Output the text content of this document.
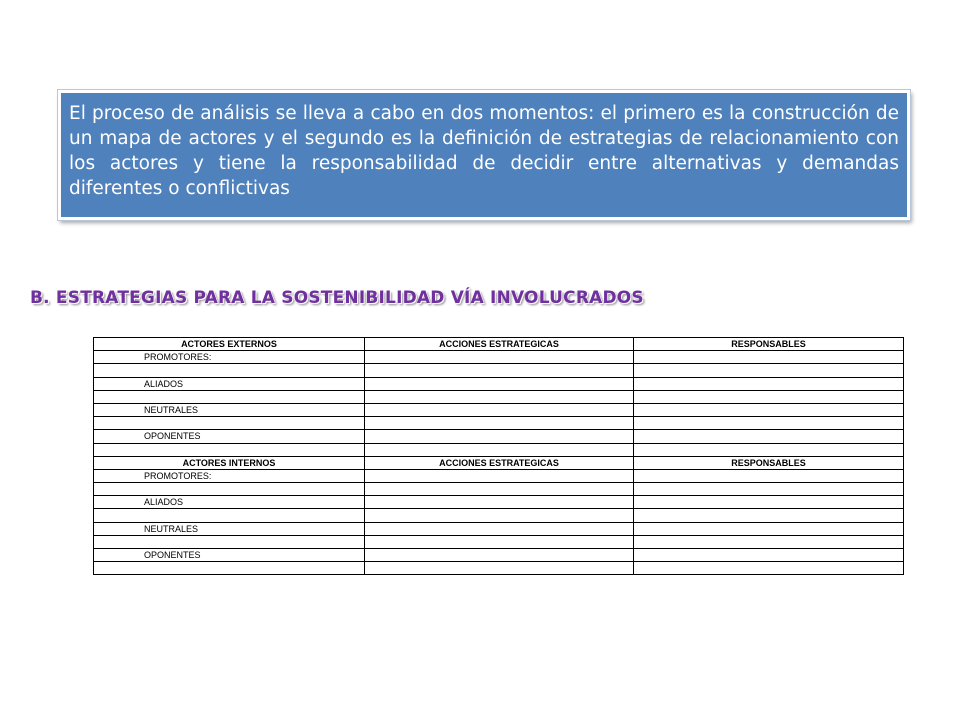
El proceso de análisis se lleva a cabo en dos momentos: el primero es la construcción de un mapa de actores y el segundo es la definición de estrategias de relacionamiento con los actores y tiene la responsabilidad de decidir entre alternativas y demandas diferentes o conflictivas
B. ESTRATEGIAS PARA LA SOSTENIBILIDAD VÍA INVOLUCRADOS
ACTORES EXTERNOS	ACCIONES ESTRATEGICAS	RESPONSABLES
PROMOTORES:		

ALIADOS		

NEUTRALES		

OPONENTES		

ACTORES INTERNOS	ACCIONES ESTRATEGICAS	RESPONSABLES
PROMOTORES:		

ALIADOS		

NEUTRALES		

OPONENTES		
